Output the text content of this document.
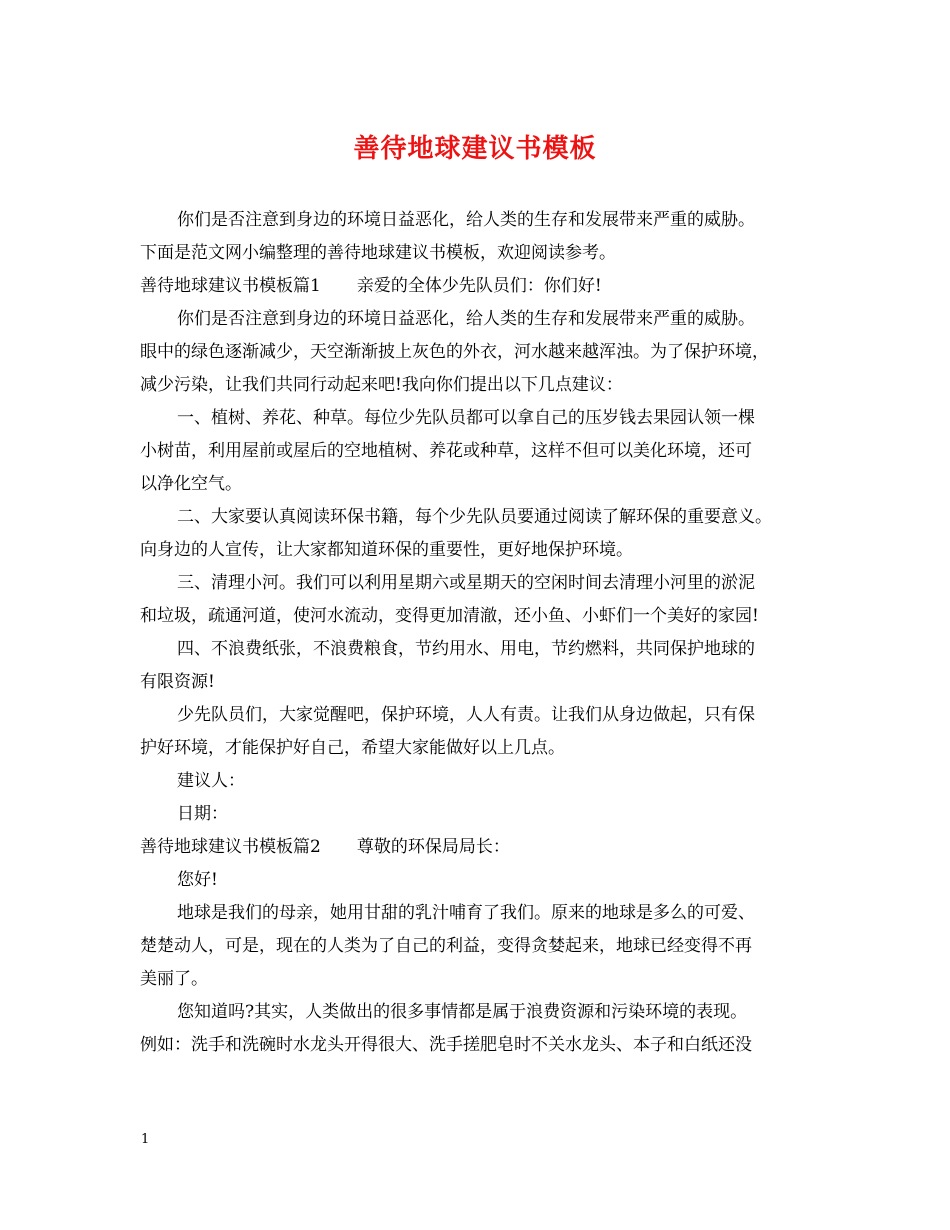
善待地球建议书模板

你们是否注意到身边的环境日益恶化，给人类的生存和发展带来严重的威胁。

下面是范文网小编整理的善待地球建议书模板，欢迎阅读参考。

善待地球建议书模板篇1 亲爱的全体少先队员们：你们好!

你们是否注意到身边的环境日益恶化，给人类的生存和发展带来严重的威胁。

眼中的绿色逐渐减少，天空渐渐披上灰色的外衣，河水越来越浑浊。为了保护环境，

减少污染，让我们共同行动起来吧!我向你们提出以下几点建议：

一、植树、养花、种草。每位少先队员都可以拿自己的压岁钱去果园认领一棵

小树苗，利用屋前或屋后的空地植树、养花或种草，这样不但可以美化环境，还可

以净化空气。

二、大家要认真阅读环保书籍，每个少先队员要通过阅读了解环保的重要意义。

向身边的人宣传，让大家都知道环保的重要性，更好地保护环境。

三、清理小河。我们可以利用星期六或星期天的空闲时间去清理小河里的淤泥

和垃圾，疏通河道，使河水流动，变得更加清澈，还小鱼、小虾们一个美好的家园!

四、不浪费纸张，不浪费粮食，节约用水、用电，节约燃料，共同保护地球的

有限资源!

少先队员们，大家觉醒吧，保护环境，人人有责。让我们从身边做起，只有保

护好环境，才能保护好自己，希望大家能做好以上几点。

建议人：

日期：

善待地球建议书模板篇2 尊敬的环保局局长：

您好!

地球是我们的母亲，她用甘甜的乳汁哺育了我们。原来的地球是多么的可爱、

楚楚动人，可是，现在的人类为了自己的利益，变得贪婪起来，地球已经变得不再

美丽了。

您知道吗?其实，人类做出的很多事情都是属于浪费资源和污染环境的表现。

例如：洗手和洗碗时水龙头开得很大、洗手搓肥皂时不关水龙头、本子和白纸还没

1
